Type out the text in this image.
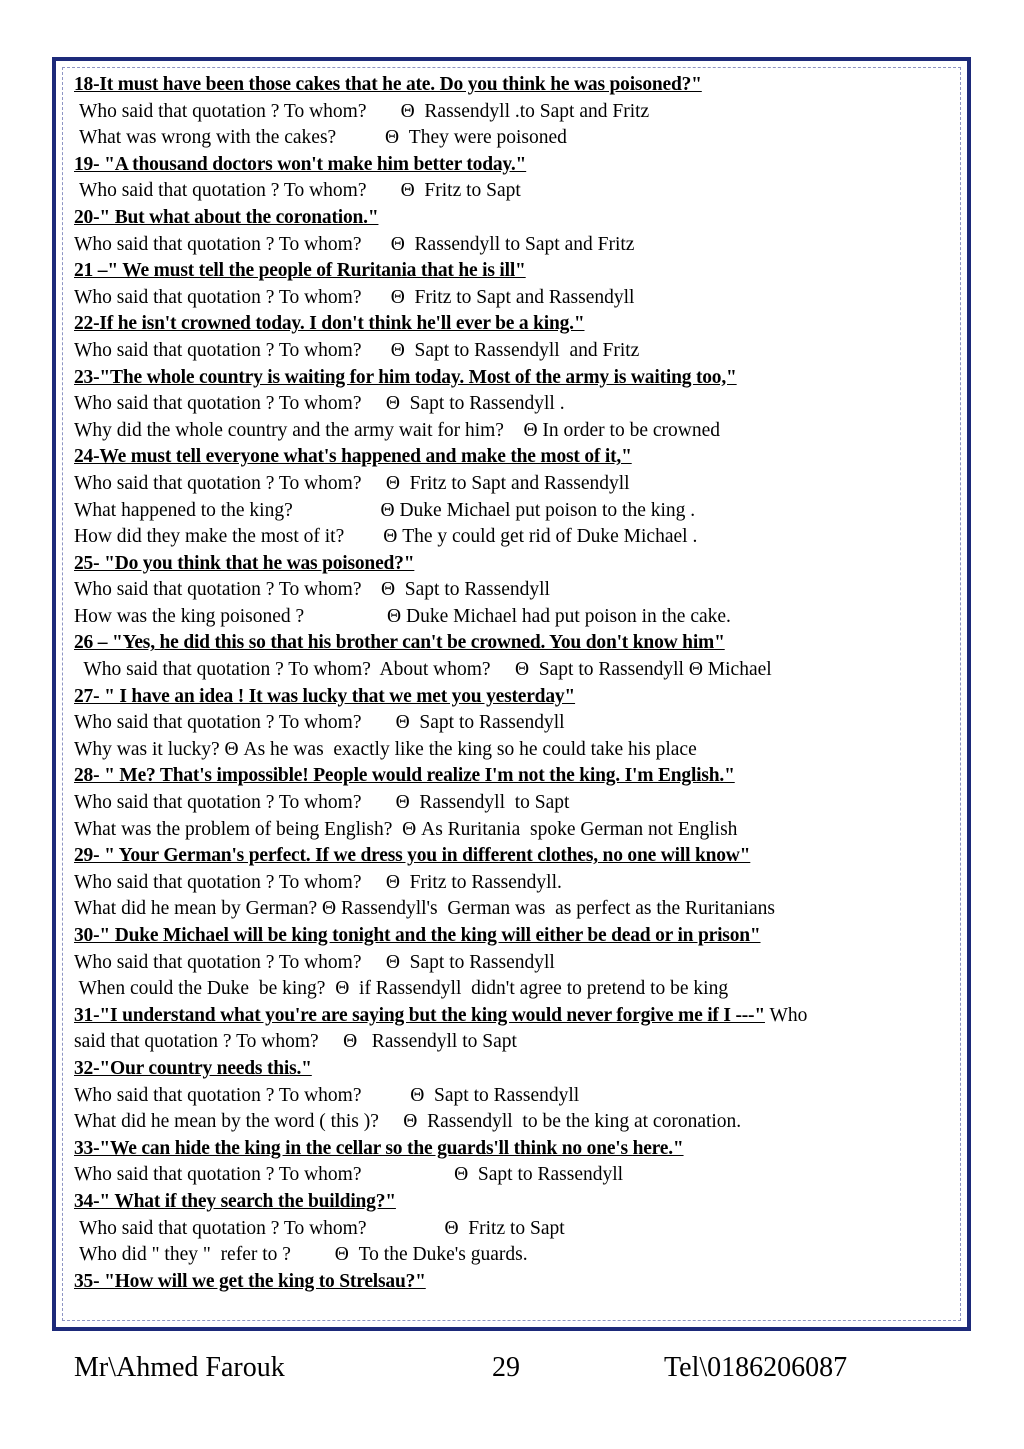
18-It must have been those cakes that he ate. Do you think he was poisoned?"
Who said that quotation ? To whom?       Θ  Rassendyll .to Sapt and Fritz
What was wrong with the cakes?          Θ  They were poisoned
19- "A thousand doctors won't make him better today."
Who said that quotation ? To whom?       Θ  Fritz to Sapt
20-" But what about the coronation."
Who said that quotation ? To whom?      Θ  Rassendyll to Sapt and Fritz
21 –" We must tell the people of Ruritania that he is ill"
Who said that quotation ? To whom?      Θ  Fritz to Sapt and Rassendyll
22-If he isn't crowned today. I don't think he'll ever be a king."
Who said that quotation ? To whom?      Θ  Sapt to Rassendyll  and Fritz
23-"The whole country is waiting for him today. Most of the army is waiting too,"
Who said that quotation ? To whom?     Θ  Sapt to Rassendyll .
Why did the whole country and the army wait for him?    Θ In order to be crowned
24-We must tell everyone what's happened and make the most of it,"
Who said that quotation ? To whom?     Θ  Fritz to Sapt and Rassendyll
What happened to the king?                  Θ Duke Michael put poison to the king .
How did they make the most of it?        Θ The y could get rid of Duke Michael .
25- "Do you think that he was poisoned?"
Who said that quotation ? To whom?    Θ  Sapt to Rassendyll
How was the king poisoned ?                 Θ Duke Michael had put poison in the cake.
26 – "Yes, he did this so that his brother can't be crowned. You don't know him"
Who said that quotation ? To whom?  About whom?     Θ  Sapt to Rassendyll Θ Michael
27- " I have an idea ! It was lucky that we met you yesterday"
Who said that quotation ? To whom?       Θ  Sapt to Rassendyll
Why was it lucky? Θ As he was  exactly like the king so he could take his place
28- " Me? That's impossible! People would realize I'm not the king. I'm English."
Who said that quotation ? To whom?       Θ  Rassendyll  to Sapt
What was the problem of being English?  Θ As Ruritania  spoke German not English
29- " Your German's perfect. If we dress you in different clothes, no one will know"
Who said that quotation ? To whom?     Θ  Fritz to Rassendyll.
What did he mean by German? Θ Rassendyll's  German was  as perfect as the Ruritanians
30-" Duke Michael will be king tonight and the king will either be dead or in prison"
Who said that quotation ? To whom?     Θ  Sapt to Rassendyll
When could the Duke  be king?  Θ  if Rassendyll  didn't agree to pretend to be king
31-"I understand what you're are saying but the king would never forgive me if I ---" Who
said that quotation ? To whom?     Θ   Rassendyll to Sapt
32-"Our country needs this."
Who said that quotation ? To whom?          Θ  Sapt to Rassendyll
What did he mean by the word ( this )?     Θ  Rassendyll  to be the king at coronation.
33-"We can hide the king in the cellar so the guards'll think no one's here."
Who said that quotation ? To whom?                   Θ  Sapt to Rassendyll
34-" What if they search the building?"
Who said that quotation ? To whom?                Θ  Fritz to Sapt
Who did " they "  refer to ?         Θ  To the Duke's guards.
35- "How will we get the king to Strelsau?"
Mr\Ahmed Farouk	29	Tel\0186206087
